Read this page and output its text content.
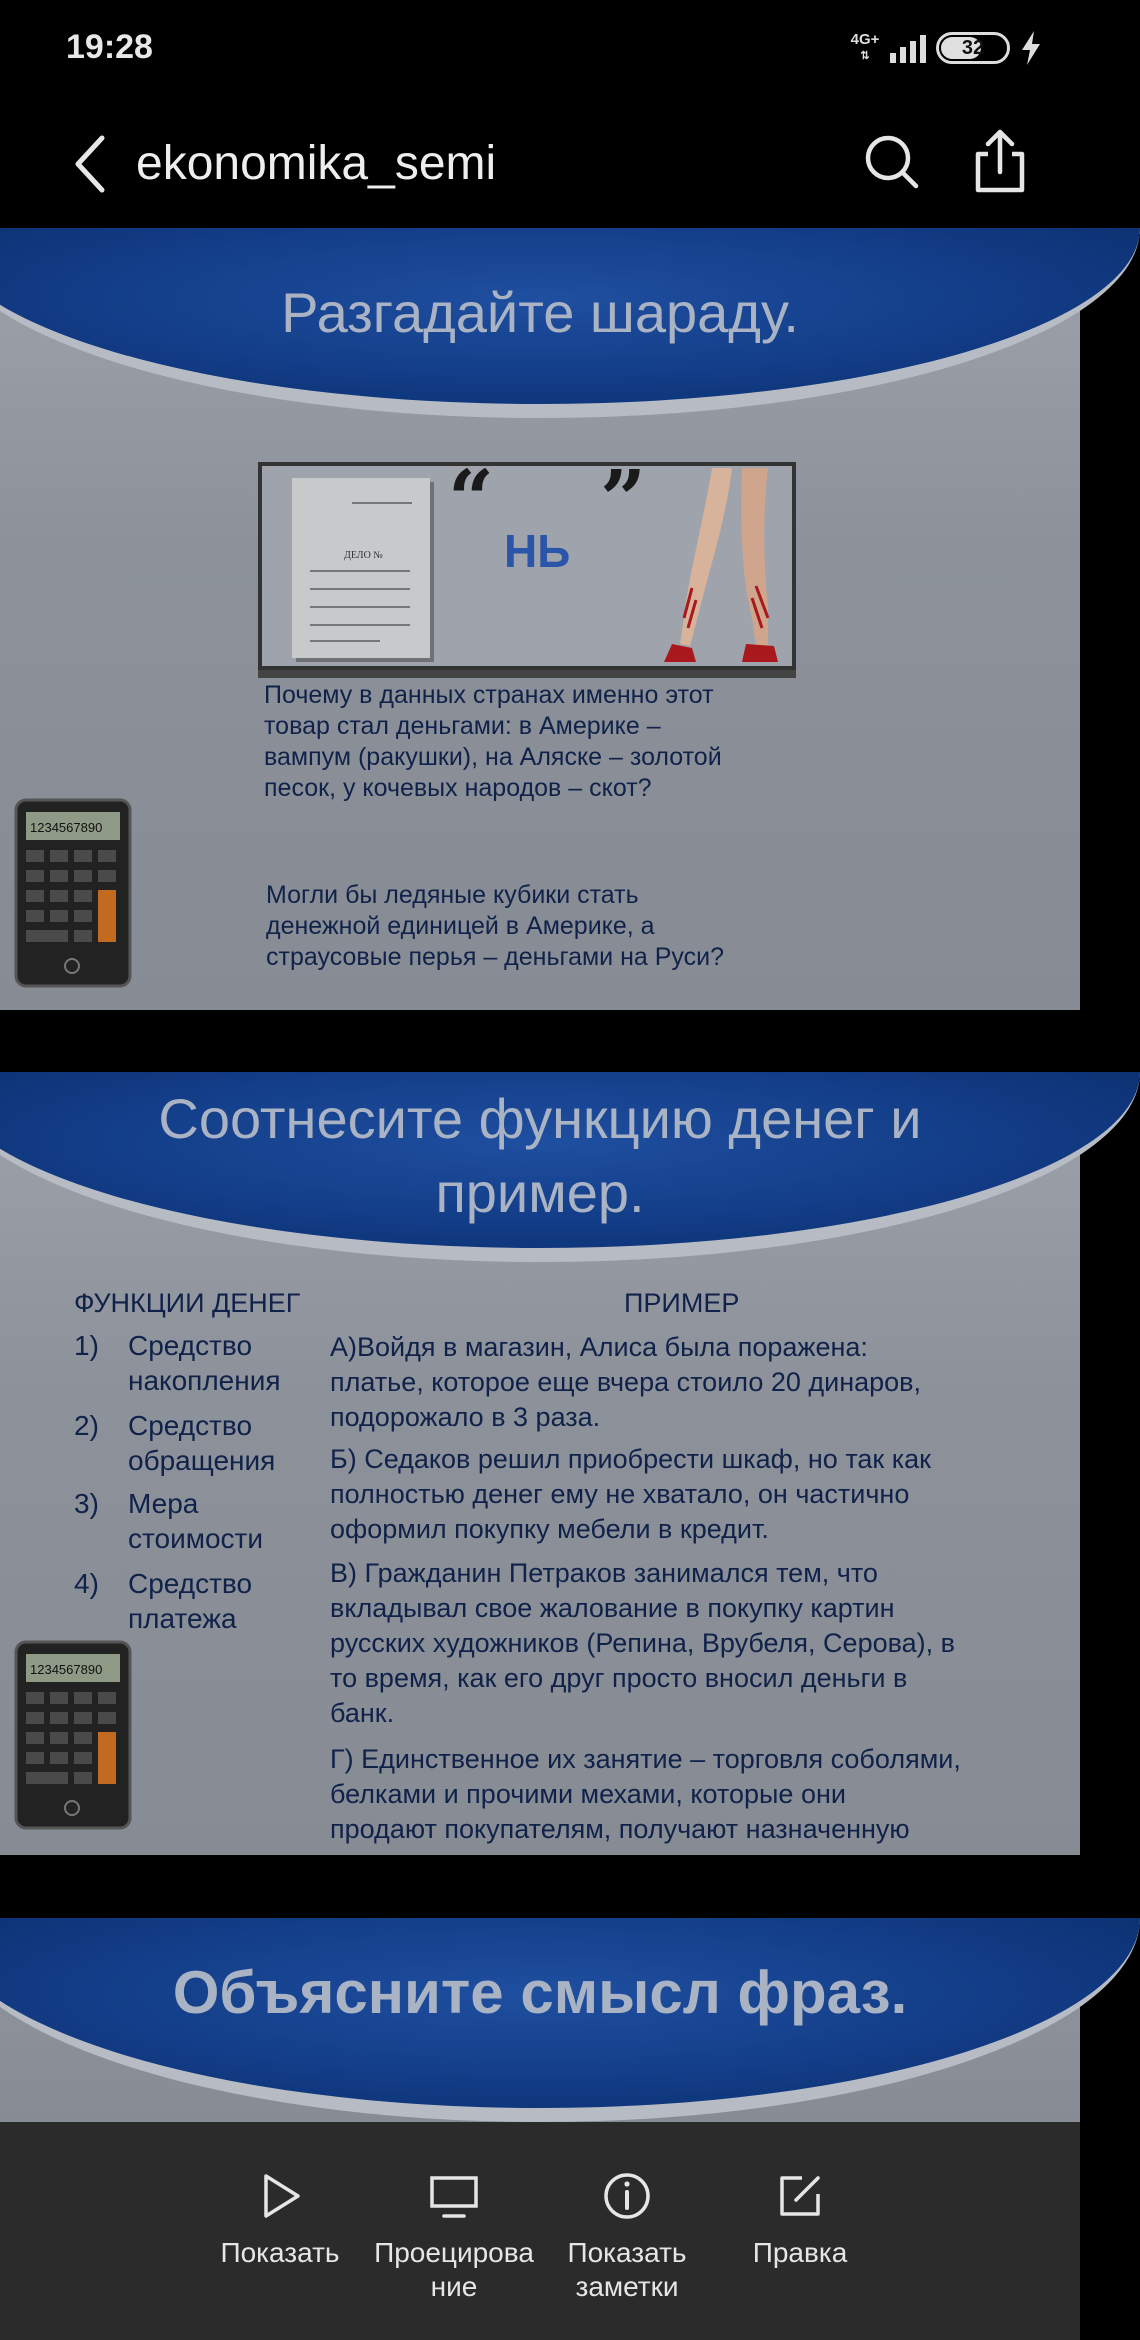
19:28	4G+
⇅	32
ekonomika_semi
Разгадайте шараду.
ДЕЛО №
“ ”
НЬ
Почему в данных странах именно этот
товар стал деньгами: в Америке –
вампум (ракушки), на Аляске – золотой
песок, у кочевых народов – скот?
Могли бы ледяные кубики стать
денежной единицей в Америке, а
страусовые перья – деньгами на Руси?
1234567890
Соотнесите функцию денег и
пример.
ФУНКЦИИ ДЕНЕГ	ПРИМЕР
1) Средство
накопления
2) Средство
обращения
3) Мера
стоимости
4) Средство
платежа
А)Войдя в магазин, Алиса была поражена:
платье, которое еще вчера стоило 20 динаров,
подорожало в 3 раза.
Б) Седаков решил приобрести шкаф, но так как
полностью денег ему не хватало, он частично
оформил покупку мебели в кредит.
В) Гражданин Петраков занимался тем, что
вкладывал свое жалование в покупку картин
русских художников (Репина, Врубеля, Серова), в
то время, как его друг просто вносил деньги в
банк.
Г) Единственное их занятие – торговля соболями,
белками и прочими мехами, которые они
продают покупателям, получают назначенную
1234567890
Объясните смысл фраз.
Показать	Проецирова
ние
Показать
заметки
Правка
